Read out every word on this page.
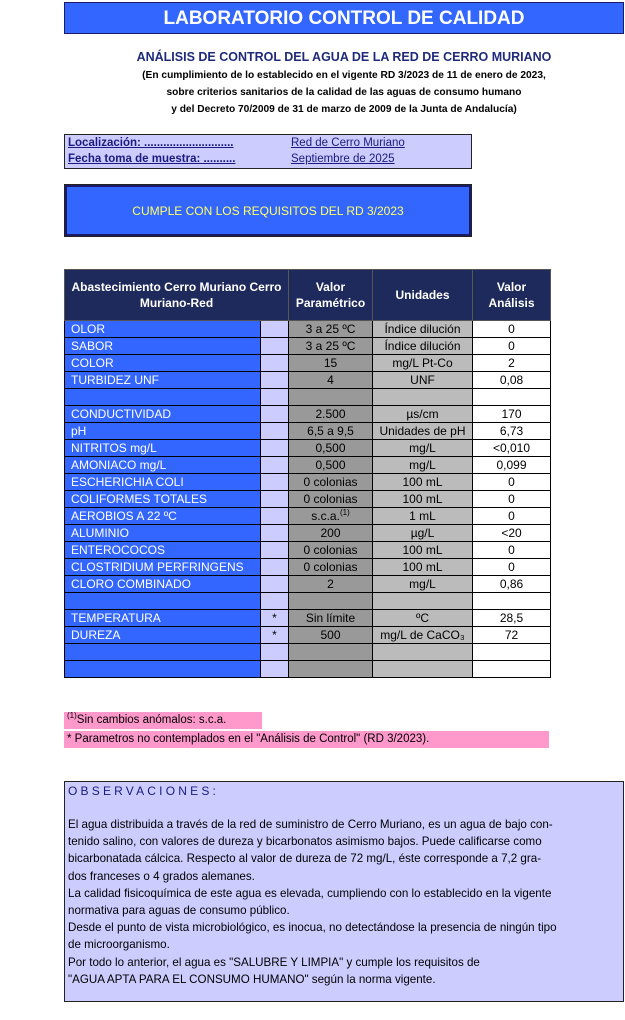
LABORATORIO CONTROL DE CALIDAD
ANÁLISIS DE CONTROL DEL AGUA DE LA RED DE CERRO MURIANO
(En cumplimiento de lo establecido en el vigente RD 3/2023 de 11 de enero de 2023,
sobre criterios sanitarios de la calidad de las aguas de consumo humano
y del Decreto 70/2009 de 31 de marzo de 2009 de la Junta de Andalucía)
Localización: ............................	Red de Cerro Muriano
Fecha toma de muestra: ..........	Septiembre de 2025
CUMPLE CON LOS REQUISITOS DEL RD 3/2023
Abastecimiento Cerro Muriano Cerro Muriano-Red		Valor Paramétrico	Unidades	Valor Análisis
OLOR		3 a 25 ºC	Índice dilución	0
SABOR		3 a 25 ºC	Índice dilución	0
COLOR		15	mg/L Pt-Co	2
TURBIDEZ UNF		4	UNF	0,08

CONDUCTIVIDAD		2.500	µs/cm	170
pH		6,5 a 9,5	Unidades de pH	6,73
NITRITOS mg/L		0,500	mg/L	<0,010
AMONIACO mg/L		0,500	mg/L	0,099
ESCHERICHIA COLI		0 colonias	100 mL	0
COLIFORMES TOTALES		0 colonias	100 mL	0
AEROBIOS A 22 ºC		s.c.a.$^{(1)}$	1 mL	0
ALUMINIO		200	µg/L	<20
ENTEROCOCOS		0 colonias	100 mL	0
CLOSTRIDIUM PERFRINGENS		0 colonias	100 mL	0
CLORO COMBINADO		2	mg/L	0,86

TEMPERATURA	*	Sin límite	ºC	28,5
DUREZA	*	500	mg/L de CaCO₃	72

$^{(1)}$Sin cambios anómalos: s.c.a.
* Parametros no contemplados en el "Análisis de Control" (RD 3/2023).
OBSERVACIONES:

El agua distribuida a través de la red de suministro de Cerro Muriano, es un agua de bajo con-

tenido salino, con valores de dureza y bicarbonatos asimismo bajos. Puede calificarse como

bicarbonatada cálcica. Respecto al valor de dureza de 72 mg/L, éste corresponde a 7,2 gra-

dos franceses o 4 grados alemanes.

La calidad fisicoquímica de este agua es elevada, cumpliendo con lo establecido en la vigente

normativa para aguas de consumo público.

Desde el punto de vista microbiológico, es inocua, no detectándose la presencia de ningún tipo

de microorganismo.

Por todo lo anterior, el agua es "SALUBRE Y LIMPIA" y cumple los requisitos de

"AGUA APTA PARA EL CONSUMO HUMANO" según la norma vigente.
